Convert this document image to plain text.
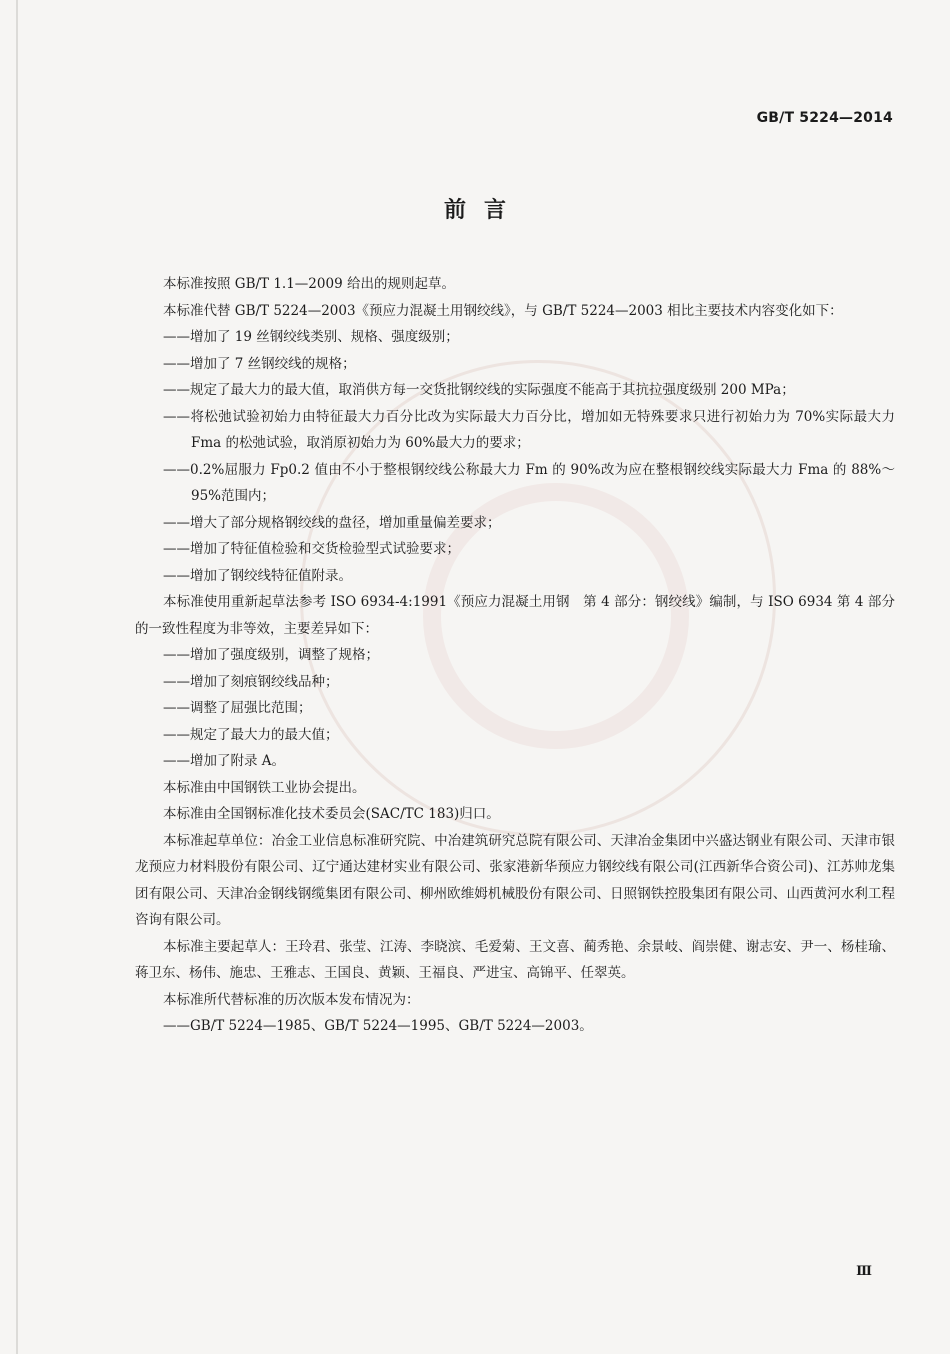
GB/T 5224—2014
前言

本标准按照 GB/T 1.1—2009 给出的规则起草。

本标准代替 GB/T 5224—2003《预应力混凝土用钢绞线》，与 GB/T 5224—2003 相比主要技术内容变化如下：

——增加了 19 丝钢绞线类别、规格、强度级别；

——增加了 7 丝钢绞线的规格；

——规定了最大力的最大值，取消供方每一交货批钢绞线的实际强度不能高于其抗拉强度级别 200 MPa；

——将松弛试验初始力由特征最大力百分比改为实际最大力百分比，增加如无特殊要求只进行初始力为 70%实际最大力 Fma 的松弛试验，取消原初始力为 60%最大力的要求；

——0.2%屈服力 Fp0.2 值由不小于整根钢绞线公称最大力 Fm 的 90%改为应在整根钢绞线实际最大力 Fma 的 88%～95%范围内；

——增大了部分规格钢绞线的盘径，增加重量偏差要求；

——增加了特征值检验和交货检验型式试验要求；

——增加了钢绞线特征值附录。

本标准使用重新起草法参考 ISO 6934-4:1991《预应力混凝土用钢　第 4 部分：钢绞线》编制，与 ISO 6934 第 4 部分的一致性程度为非等效，主要差异如下：

——增加了强度级别，调整了规格；

——增加了刻痕钢绞线品种；

——调整了屈强比范围；

——规定了最大力的最大值；

——增加了附录 A。

本标准由中国钢铁工业协会提出。

本标准由全国钢标准化技术委员会(SAC/TC 183)归口。

本标准起草单位：冶金工业信息标准研究院、中冶建筑研究总院有限公司、天津冶金集团中兴盛达钢业有限公司、天津市银龙预应力材料股份有限公司、辽宁通达建材实业有限公司、张家港新华预应力钢绞线有限公司(江西新华合资公司)、江苏帅龙集团有限公司、天津冶金钢线钢缆集团有限公司、柳州欧维姆机械股份有限公司、日照钢铁控股集团有限公司、山西黄河水利工程咨询有限公司。

本标准主要起草人：王玲君、张莹、江涛、李晓滨、毛爱菊、王文喜、蔺秀艳、余景岐、阎崇健、谢志安、尹一、杨桂瑜、蒋卫东、杨伟、施忠、王雅志、王国良、黄颖、王福良、严进宝、高锦平、任翠英。

本标准所代替标准的历次版本发布情况为：

——GB/T 5224—1985、GB/T 5224—1995、GB/T 5224—2003。

Ⅲ
